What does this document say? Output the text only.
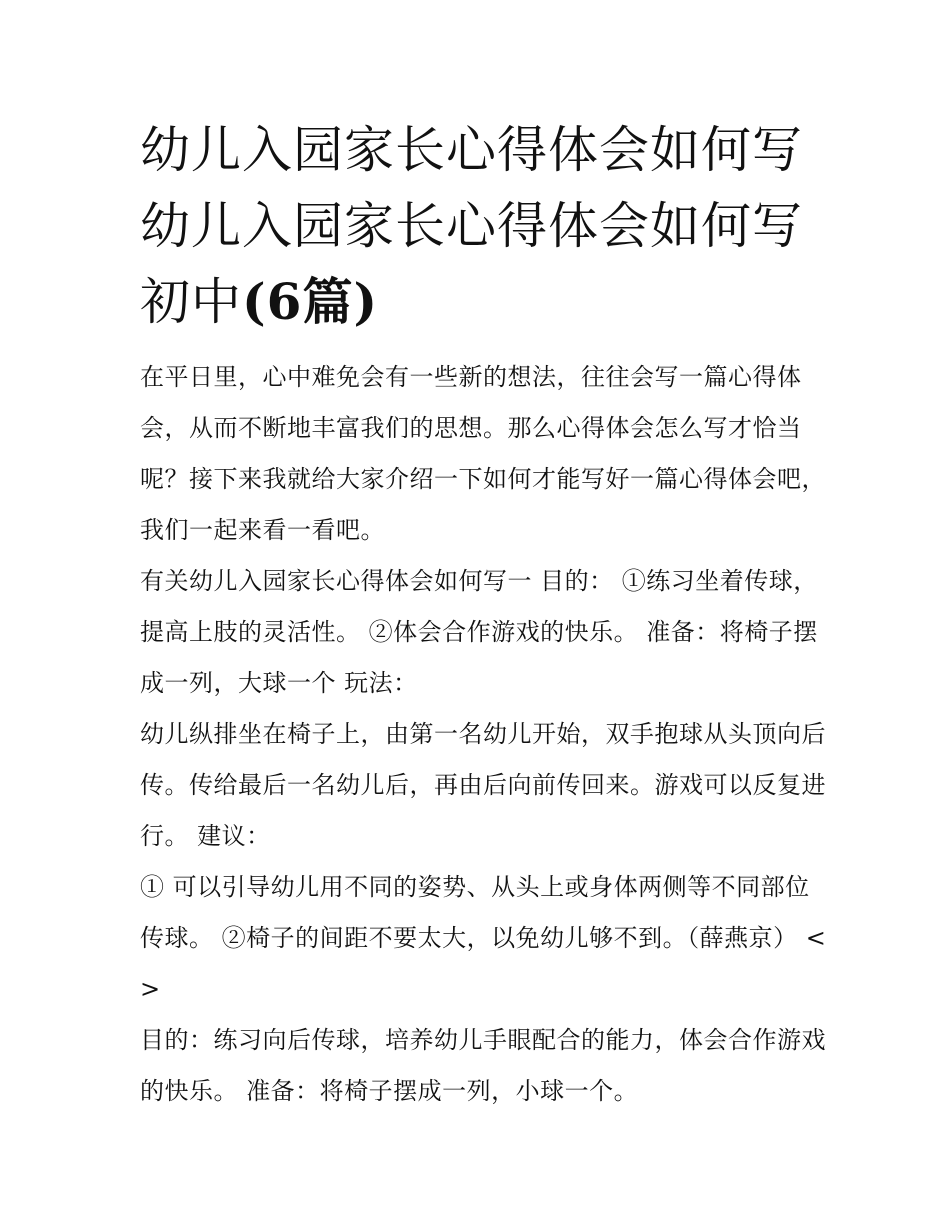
幼儿入园家长心得体会如何写幼儿入园家长心得体会如何写初中(6篇)

在平日里，心中难免会有一些新的想法，往往会写一篇心得体会，从而不断地丰富我们的思想。那么心得体会怎么写才恰当呢？接下来我就给大家介绍一下如何才能写好一篇心得体会吧，我们一起来看一看吧。

有关幼儿入园家长心得体会如何写一 目的： ①练习坐着传球，提高上肢的灵活性。 ②体会合作游戏的快乐。 准备：将椅子摆成一列，大球一个 玩法：

幼儿纵排坐在椅子上，由第一名幼儿开始，双手抱球从头顶向后传。传给最后一名幼儿后，再由后向前传回来。游戏可以反复进行。 建议：

① 可以引导幼儿用不同的姿势、从头上或身体两侧等不同部位传球。 ②椅子的间距不要太大，以免幼儿够不到。（薛燕京） <>

目的：练习向后传球，培养幼儿手眼配合的能力，体会合作游戏的快乐。 准备：将椅子摆成一列，小球一个。
